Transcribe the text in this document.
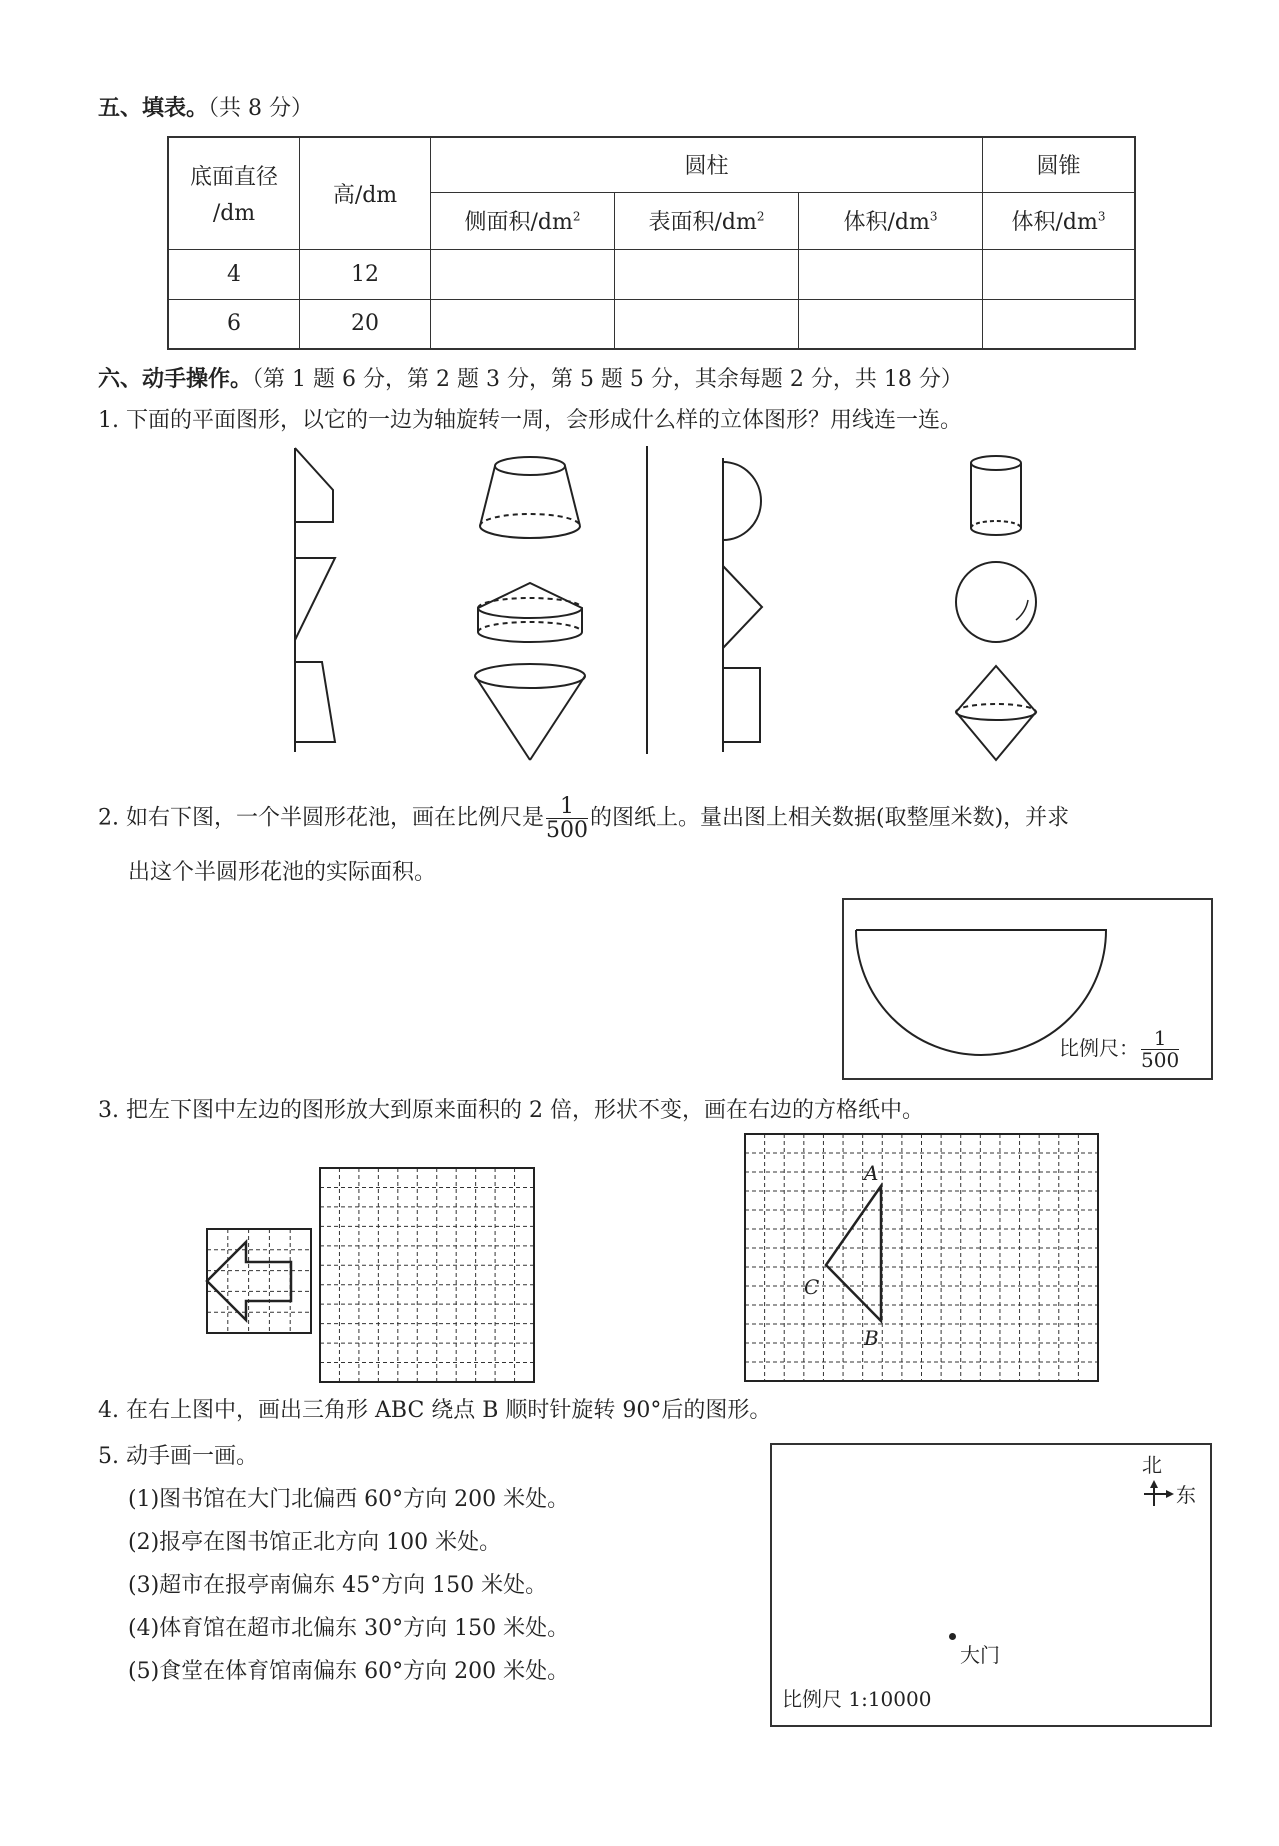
五、填表。（共 8 分）
底面直径
/dm	高/dm	圆柱			圆锥
		侧面积$/dm^2$	表面积$/dm^2$	体积$/dm^3$	体积$/dm^3$
4	12				
6	20				
六、动手操作。（第 1 题 6 分，第 2 题 3 分，第 5 题 5 分，其余每题 2 分，共 18 分）
1. 下面的平面图形，以它的一边为轴旋转一周，会形成什么样的立体图形？用线连一连。
2. 如右下图，一个半圆形花池，画在比例尺是 $\frac{1}{500}$ 的图纸上。量出图上相关数据(取整厘米数)，并求
出这个半圆形花池的实际面积。
比例尺： $\frac{1}{500}$
3. 把左下图中左边的图形放大到原来面积的 2 倍，形状不变，画在右边的方格纸中。
A
B
C
4. 在右上图中，画出三角形 ABC 绕点 B 顺时针旋转 90°后的图形。
5. 动手画一画。
(1)图书馆在大门北偏西 60°方向 200 米处。
(2)报亭在图书馆正北方向 100 米处。
(3)超市在报亭南偏东 45°方向 150 米处。
(4)体育馆在超市北偏东 30°方向 150 米处。
(5)食堂在体育馆南偏东 60°方向 200 米处。
北
东
大门
比例尺 1:10000
